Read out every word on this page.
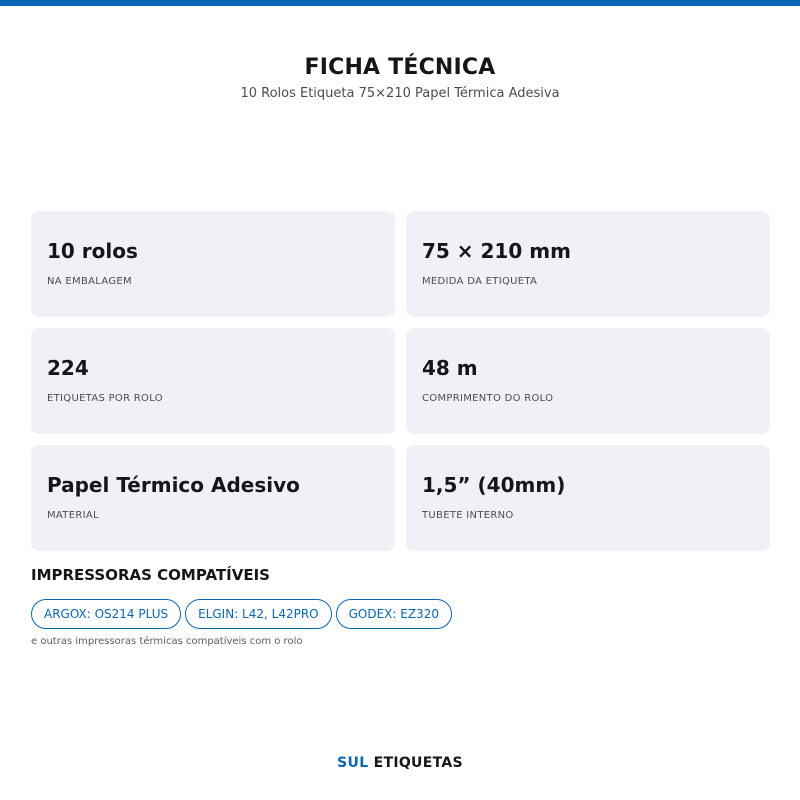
FICHA TÉCNICA
10 Rolos Etiqueta 75×210 Papel Térmica Adesiva
10 rolos
NA EMBALAGEM
75 × 210 mm
MEDIDA DA ETIQUETA
224
ETIQUETAS POR ROLO
48 m
COMPRIMENTO DO ROLO
Papel Térmico Adesivo
MATERIAL
1,5” (40mm)
TUBETE INTERNO
IMPRESSORAS COMPATÍVEIS
ARGOX: OS214 PLUS	ELGIN: L42, L42PRO	GODEX: EZ320
e outras impressoras térmicas compatíveis com o rolo
SUL ETIQUETAS
